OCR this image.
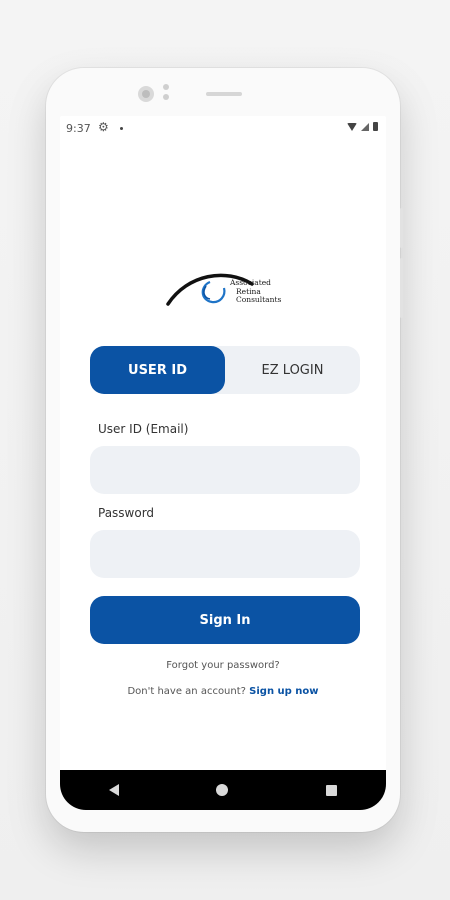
9:37 ⚙
Associated
Retina
Consultants
USER ID	EZ LOGIN
User ID (Email)
Password
Sign In
Forgot your password?
Don't have an account? Sign up now
